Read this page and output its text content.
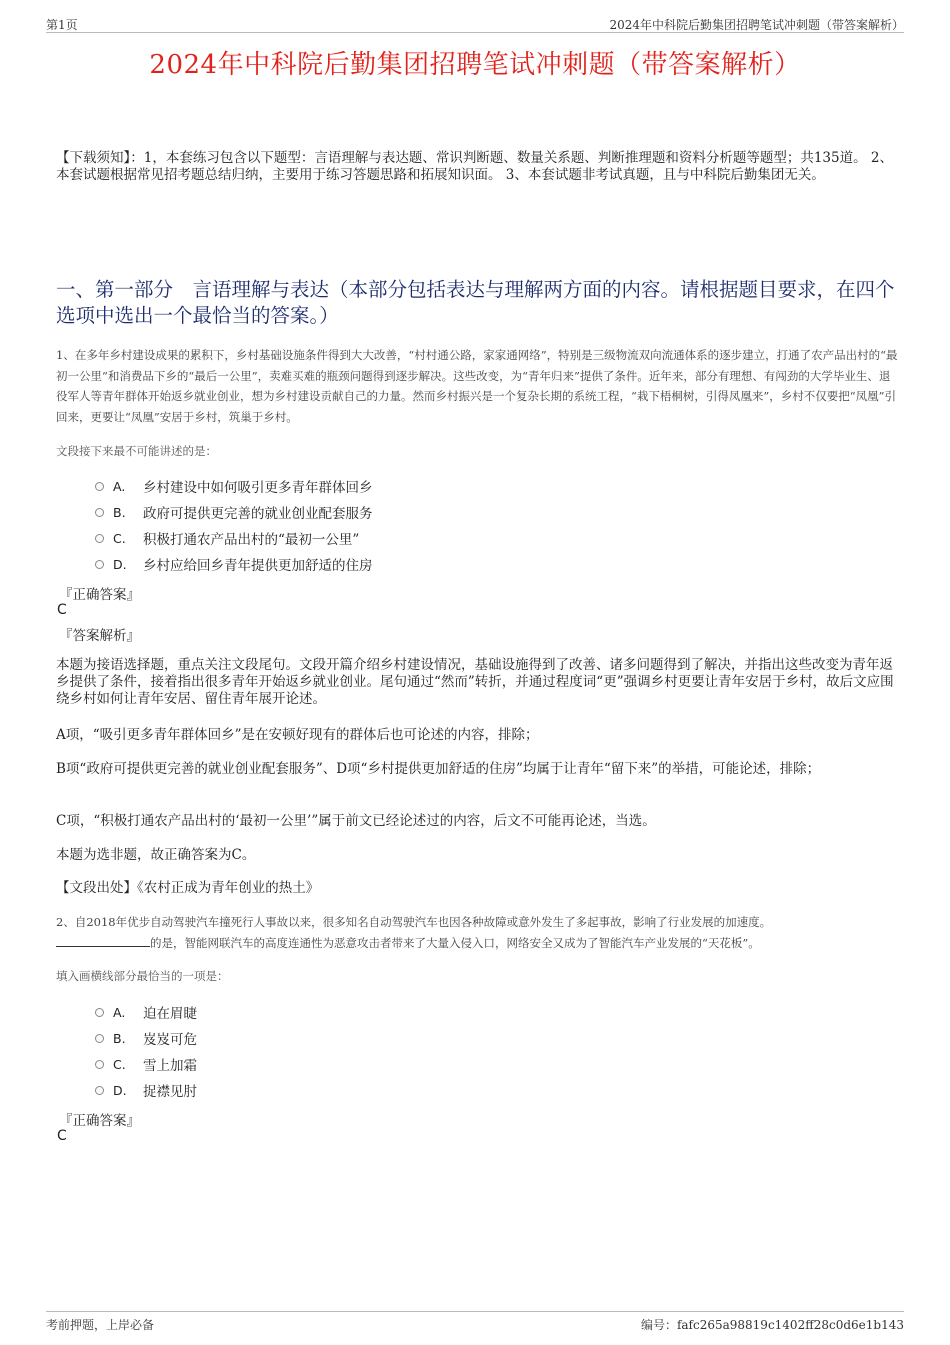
第1页	2024年中科院后勤集团招聘笔试冲刺题（带答案解析）
2024年中科院后勤集团招聘笔试冲刺题（带答案解析）
【下载须知】：1，本套练习包含以下题型：言语理解与表达题、常识判断题、数量关系题、判断推理题和资料分析题等题型；共135道。 2、本套试题根据常见招考题总结归纳，主要用于练习答题思路和拓展知识面。 3、本套试题非考试真题，且与中科院后勤集团无关。
一、第一部分　言语理解与表达（本部分包括表达与理解两方面的内容。请根据题目要求，在四个选项中选出一个最恰当的答案。）
1、在多年乡村建设成果的累积下，乡村基础设施条件得到大大改善，“村村通公路，家家通网络”，特别是三级物流双向流通体系的逐步建立，打通了农产品出村的“最初一公里”和消费品下乡的“最后一公里”，卖难买难的瓶颈问题得到逐步解决。这些改变，为“青年归来”提供了条件。近年来，部分有理想、有闯劲的大学毕业生、退役军人等青年群体开始返乡就业创业，想为乡村建设贡献自己的力量。然而乡村振兴是一个复杂长期的系统工程，“栽下梧桐树，引得凤凰来”，乡村不仅要把“凤凰”引回来，更要让“凤凰”安居于乡村，筑巢于乡村。
文段接下来最不可能讲述的是：
A.	乡村建设中如何吸引更多青年群体回乡
B.	政府可提供更完善的就业创业配套服务
C.	积极打通农产品出村的“最初一公里”
D.	乡村应给回乡青年提供更加舒适的住房
『正确答案』
C
『答案解析』
本题为接语选择题，重点关注文段尾句。文段开篇介绍乡村建设情况，基础设施得到了改善、诸多问题得到了解决，并指出这些改变为青年返乡提供了条件，接着指出很多青年开始返乡就业创业。尾句通过“然而”转折，并通过程度词“更”强调乡村更要让青年安居于乡村，故后文应围绕乡村如何让青年安居、留住青年展开论述。
A项，“吸引更多青年群体回乡”是在安顿好现有的群体后也可论述的内容，排除；
B项“政府可提供更完善的就业创业配套服务”、D项“乡村提供更加舒适的住房”均属于让青年“留下来”的举措，可能论述，排除；
C项，“积极打通农产品出村的‘最初一公里’”属于前文已经论述过的内容，后文不可能再论述，当选。
本题为选非题，故正确答案为C。
【文段出处】《农村正成为青年创业的热土》
2、自2018年优步自动驾驶汽车撞死行人事故以来，很多知名自动驾驶汽车也因各种故障或意外发生了多起事故，影响了行业发展的加速度。
的是，智能网联汽车的高度连通性为恶意攻击者带来了大量入侵入口，网络安全又成为了智能汽车产业发展的“天花板”。
填入画横线部分最恰当的一项是：
A.	迫在眉睫
B.	岌岌可危
C.	雪上加霜
D.	捉襟见肘
『正确答案』
C
考前押题，上岸必备	编号：fafc265a98819c1402ff28c0d6e1b143
